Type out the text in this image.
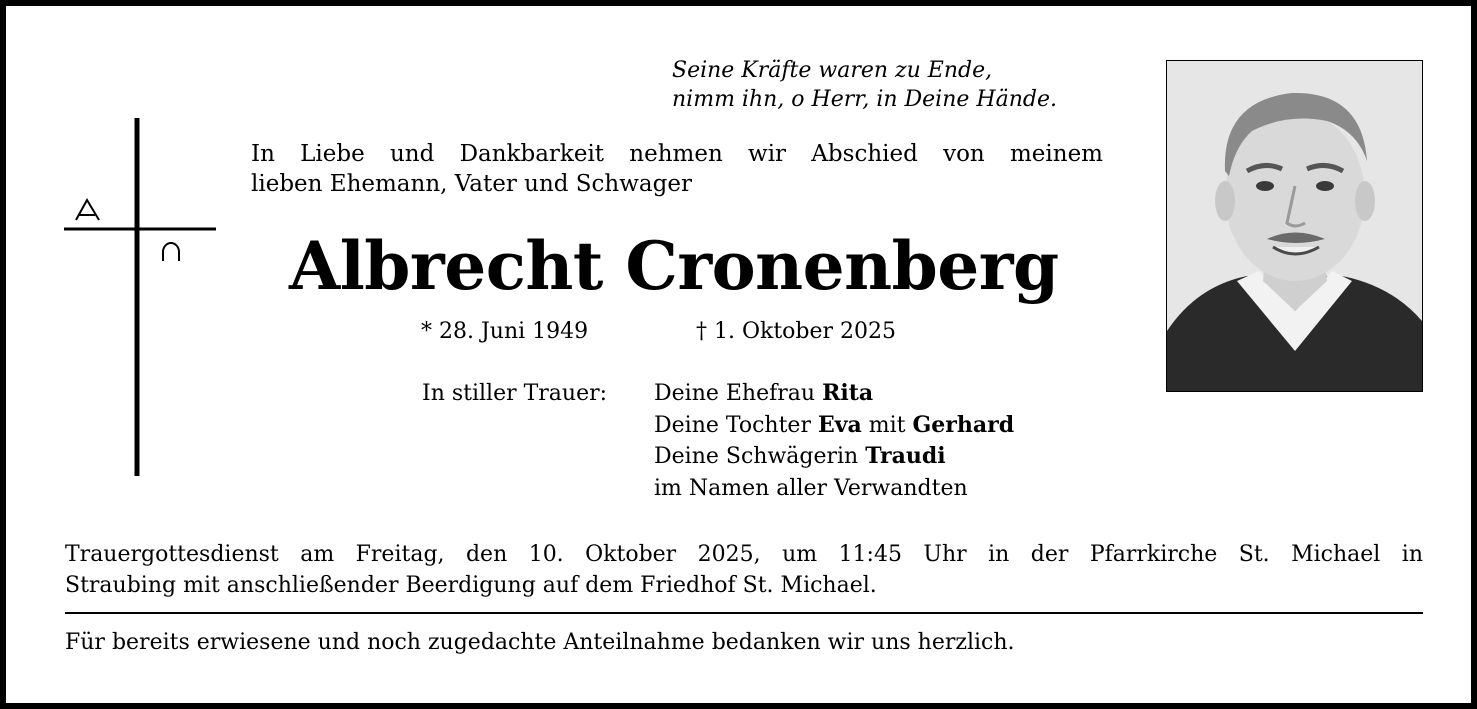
Seine Kräfte waren zu Ende,
nimm ihn, o Herr, in Deine Hände.
In Liebe und Dankbarkeit nehmen wir Abschied von meinem
lieben Ehemann, Vater und Schwager
Albrecht Cronenberg
* 28. Juni 1949	† 1. Oktober 2025
In stiller Trauer: Deine Ehefrau Rita
Deine Tochter Eva mit Gerhard
Deine Schwägerin Traudi
im Namen aller Verwandten
Trauergottesdienst am Freitag, den 10. Oktober 2025, um 11:45 Uhr in der Pfarrkirche St. Michael in
Straubing mit anschließender Beerdigung auf dem Friedhof St. Michael.
Für bereits erwiesene und noch zugedachte Anteilnahme bedanken wir uns herzlich.
